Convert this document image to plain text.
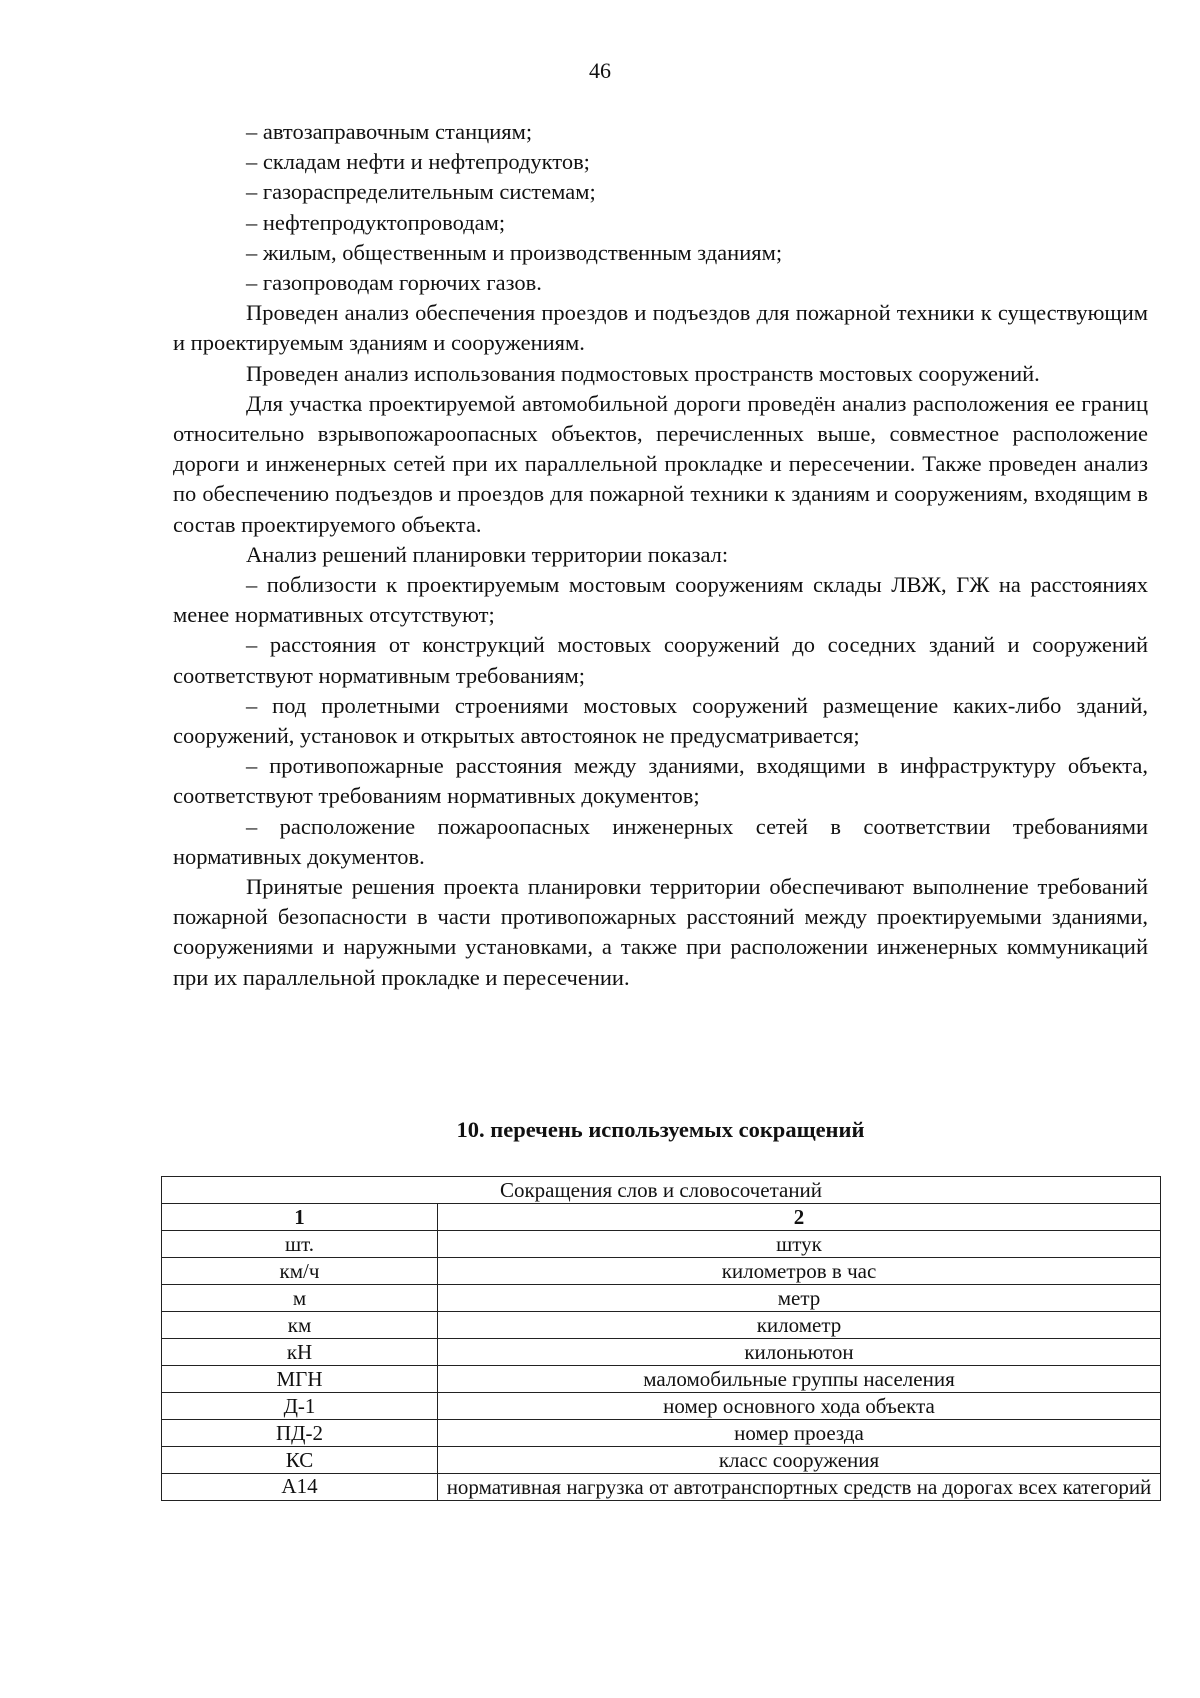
46

– автозаправочным станциям;

– складам нефти и нефтепродуктов;

– газораспределительным системам;

– нефтепродуктопроводам;

– жилым, общественным и производственным зданиям;

– газопроводам горючих газов.

Проведен анализ обеспечения проездов и подъездов для пожарной техники к существующим и проектируемым зданиям и сооружениям.

Проведен анализ использования подмостовых пространств мостовых сооружений.

Для участка проектируемой автомобильной дороги проведён анализ расположения ее границ относительно взрывопожароопасных объектов, перечисленных выше, совместное расположение дороги и инженерных сетей при их параллельной прокладке и пересечении. Также проведен анализ по обеспечению подъездов и проездов для пожарной техники к зданиям и сооружениям, входящим в состав проектируемого объекта.

Анализ решений планировки территории показал:

– поблизости к проектируемым мостовым сооружениям склады ЛВЖ, ГЖ на расстояниях менее нормативных отсутствуют;

– расстояния от конструкций мостовых сооружений до соседних зданий и сооружений соответствуют нормативным требованиям;

– под пролетными строениями мостовых сооружений размещение каких-либо зданий, сооружений, установок и открытых автостоянок не предусматривается;

– противопожарные расстояния между зданиями, входящими в инфраструктуру объекта, соответствуют требованиям нормативных документов;

– расположение пожароопасных инженерных сетей в соответствии требованиями нормативных документов.

Принятые решения проекта планировки территории обеспечивают выполнение требований пожарной безопасности в части противопожарных расстояний между проектируемыми зданиями, сооружениями и наружными установками, а также при расположении инженерных коммуникаций при их параллельной прокладке и пересечении.

10. перечень используемых сокращений
Сокращения слов и словосочетаний	
1	2
шт.	штук
км/ч	километров в час
м	метр
км	километр
кН	килоньютон
МГН	маломобильные группы населения
Д-1	номер основного хода объекта
ПД-2	номер проезда
КС	класс сооружения
А14	нормативная нагрузка от автотранспортных средств на дорогах всех категорий
